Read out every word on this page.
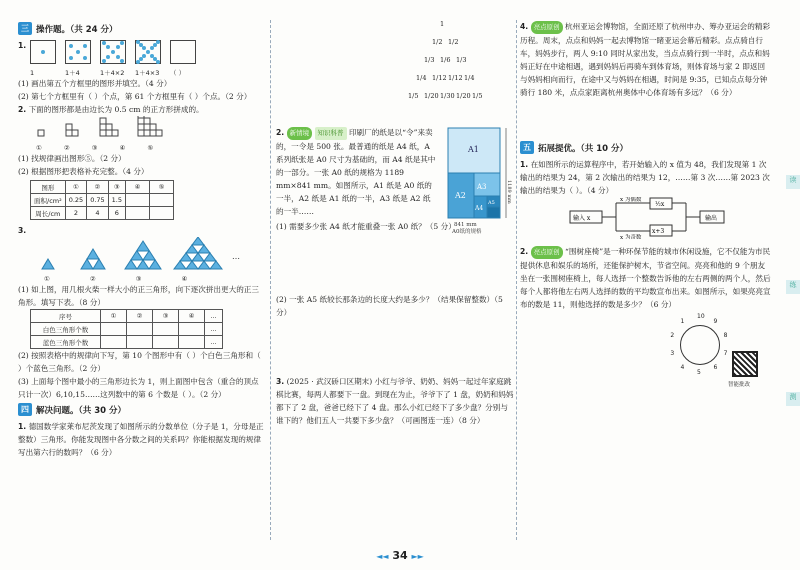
三 操作题。（共 24 分）

1.

1	1＋4	1＋4×2 1＋4×3 （ ）

(1) 画出第五个方框里的图形并填空。（4 分）

(2) 第七个方框里有（ ）个点，第 61 个方框里有（ ）个点。（2 分）

2. 下面的图形都是由边长为 0.5 cm 的正方形拼成的。

①	②	③	④	⑤

(1) 找规律画出图形⑤。（2 分）

(2) 根据图形把表格补充完整。（4 分）

图形	①	②	③	④	⑤
面积/cm²	0.25	0.75	1.5		
周长/cm	2	4	6		

3.

…
①	②	③	④

(1) 如上图，用几根火柴一样大小的正三角形，向下逐次拼出更大的正三角形。填写下表。（8 分）

序号	①	②	③	④	…
白色三角形个数					…
蓝色三角形个数					…

(2) 按照表格中的规律向下写，第 10 个图形中有（ ）个白色三角形和（ ）个蓝色三角形。（2 分）

(3) 上面每个图中最小的三角形边长为 1，则上面图中包含（重合的顶点只计一次）6,10,15……这列数中的第 6 个数是（ ）。（2 分）

四 解决问题。（共 30 分）

1. 德国数学家莱布尼茨发现了如图所示的分数单位（分子是 1，分母是正整数）三角形。你能发现图中各分数之间的关系吗？你能根据发现的规律写出第六行的数吗？（6 分）

1
1/2 1/2
1/3 1/6 1/3
1/4 1/12 1/12 1/4
1/5 1/20 1/30 1/20 1/5

2. 新情境 知识科普 印刷厂的纸是以“令”来卖的，一令是 500 张。最普通的纸是 A4 纸，A 系列纸张是 A0 尺寸为基础的，而 A4 纸是其中的一部分。一张 A0 纸的规格为 1189 mm×841 mm。如图所示，A1 纸是 A0 纸的一半，A2 纸是 A1 纸的一半，A3 纸是 A2 纸的一半……

A1
A2
A3
A4
A5 1189 mm
841 mm
A0纸的规格

(1) 需要多少张 A4 纸才能重叠一张 A0 纸？（5 分）

(2) 一张 A5 纸较长那条边的长度大约是多少？（结果保留整数）（5 分）

3. (2025 · 武汉硚口区期末) 小红与爷爷、奶奶、妈妈一起过年家庭跳棋比赛，每两人都要下一盘。到现在为止，爷爷下了 1 盘，奶奶和妈妈都下了 2 盘，爸爸已经下了 4 盘。那么小红已经下了多少盘？分别与谁下的？他们五人一共要下多少盘？（可画图连一连）（8 分）

4. 亮点原创 杭州亚运会博物馆，全面还原了杭州申办、筹办亚运会的精彩历程。周末，点点和妈妈一起去博物馆一睹亚运会幕后精彩。点点骑自行车，妈妈步行，两人 9:10 同时从家出发，当点点骑行到一半时，点点和妈妈正好在中途相遇，遇到妈妈后再骑车到体育场，则体育场与家 2 即返回与妈妈相向而行，在途中又与妈妈在相遇，时间是 9:35，已知点点每分钟骑行 180 米，点点家距离杭州奥体中心体育场有多远？（6 分）

五 拓展提优。（共 10 分）

1. 在如图所示的运算程序中，若开始输入的 x 值为 48，我们发现第 1 次输出的结果为 24，第 2 次输出的结果为 12，……第 3 次……第 2023 次输出的结果为（ ）。（4 分）

输入 x
x 为偶数
x 为奇数
½x
x+3
输出

2. 亮点原创 “围树座椅”是一种环保节能的城市休闲设施，它不仅能为市民提供休息和娱乐的场所，还能保护树木，节省空间。亮亮和他的 9 个朋友坐在一张围树座椅上，每人选择一个整数告诉他的左右两侧的两个人，然后每个人都将他左右两人选择的数的平均数宣布出来。如图所示，如果亮亮宣布的数是 11，则他选择的数是多少？（6 分）

10
9
8
7
6
5
4
3
2
1
智能批改
读
练
测
◄◄ 34 ►►
